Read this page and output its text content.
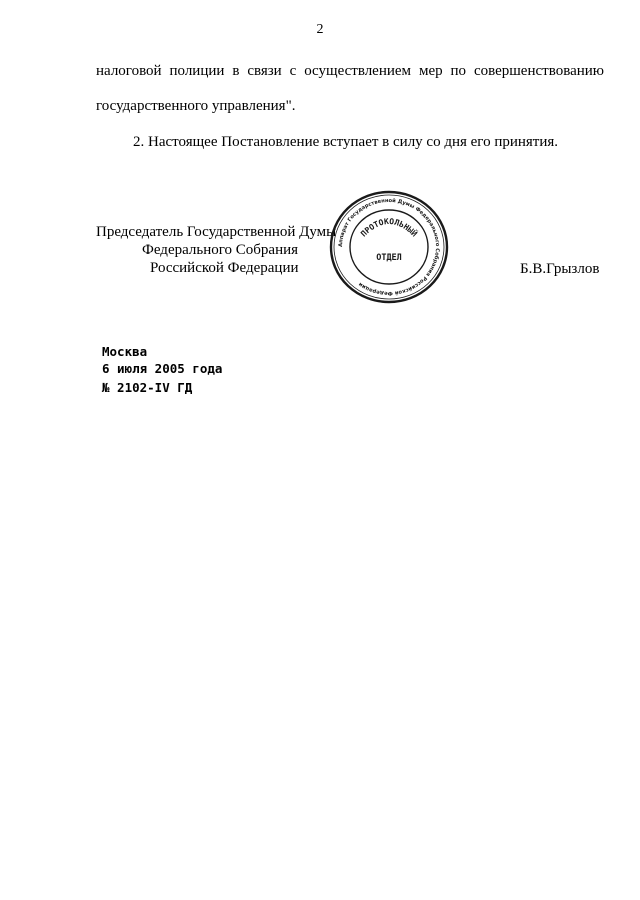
2
налоговой полиции в связи с осуществлением мер по совершенствованию
государственного управления".
2. Настоящее Постановление вступает в силу со дня его принятия.
Председатель Государственной Думы
Федерального Собрания
Российской Федерации
Аппарат Государственной Думы Федерального Собрания Российской Федерации
ПРОТОКОЛЬНЫЙ
ОТДЕЛ
Б.В.Грызлов
Москва
6 июля 2005 года
№ 2102-IV ГД
